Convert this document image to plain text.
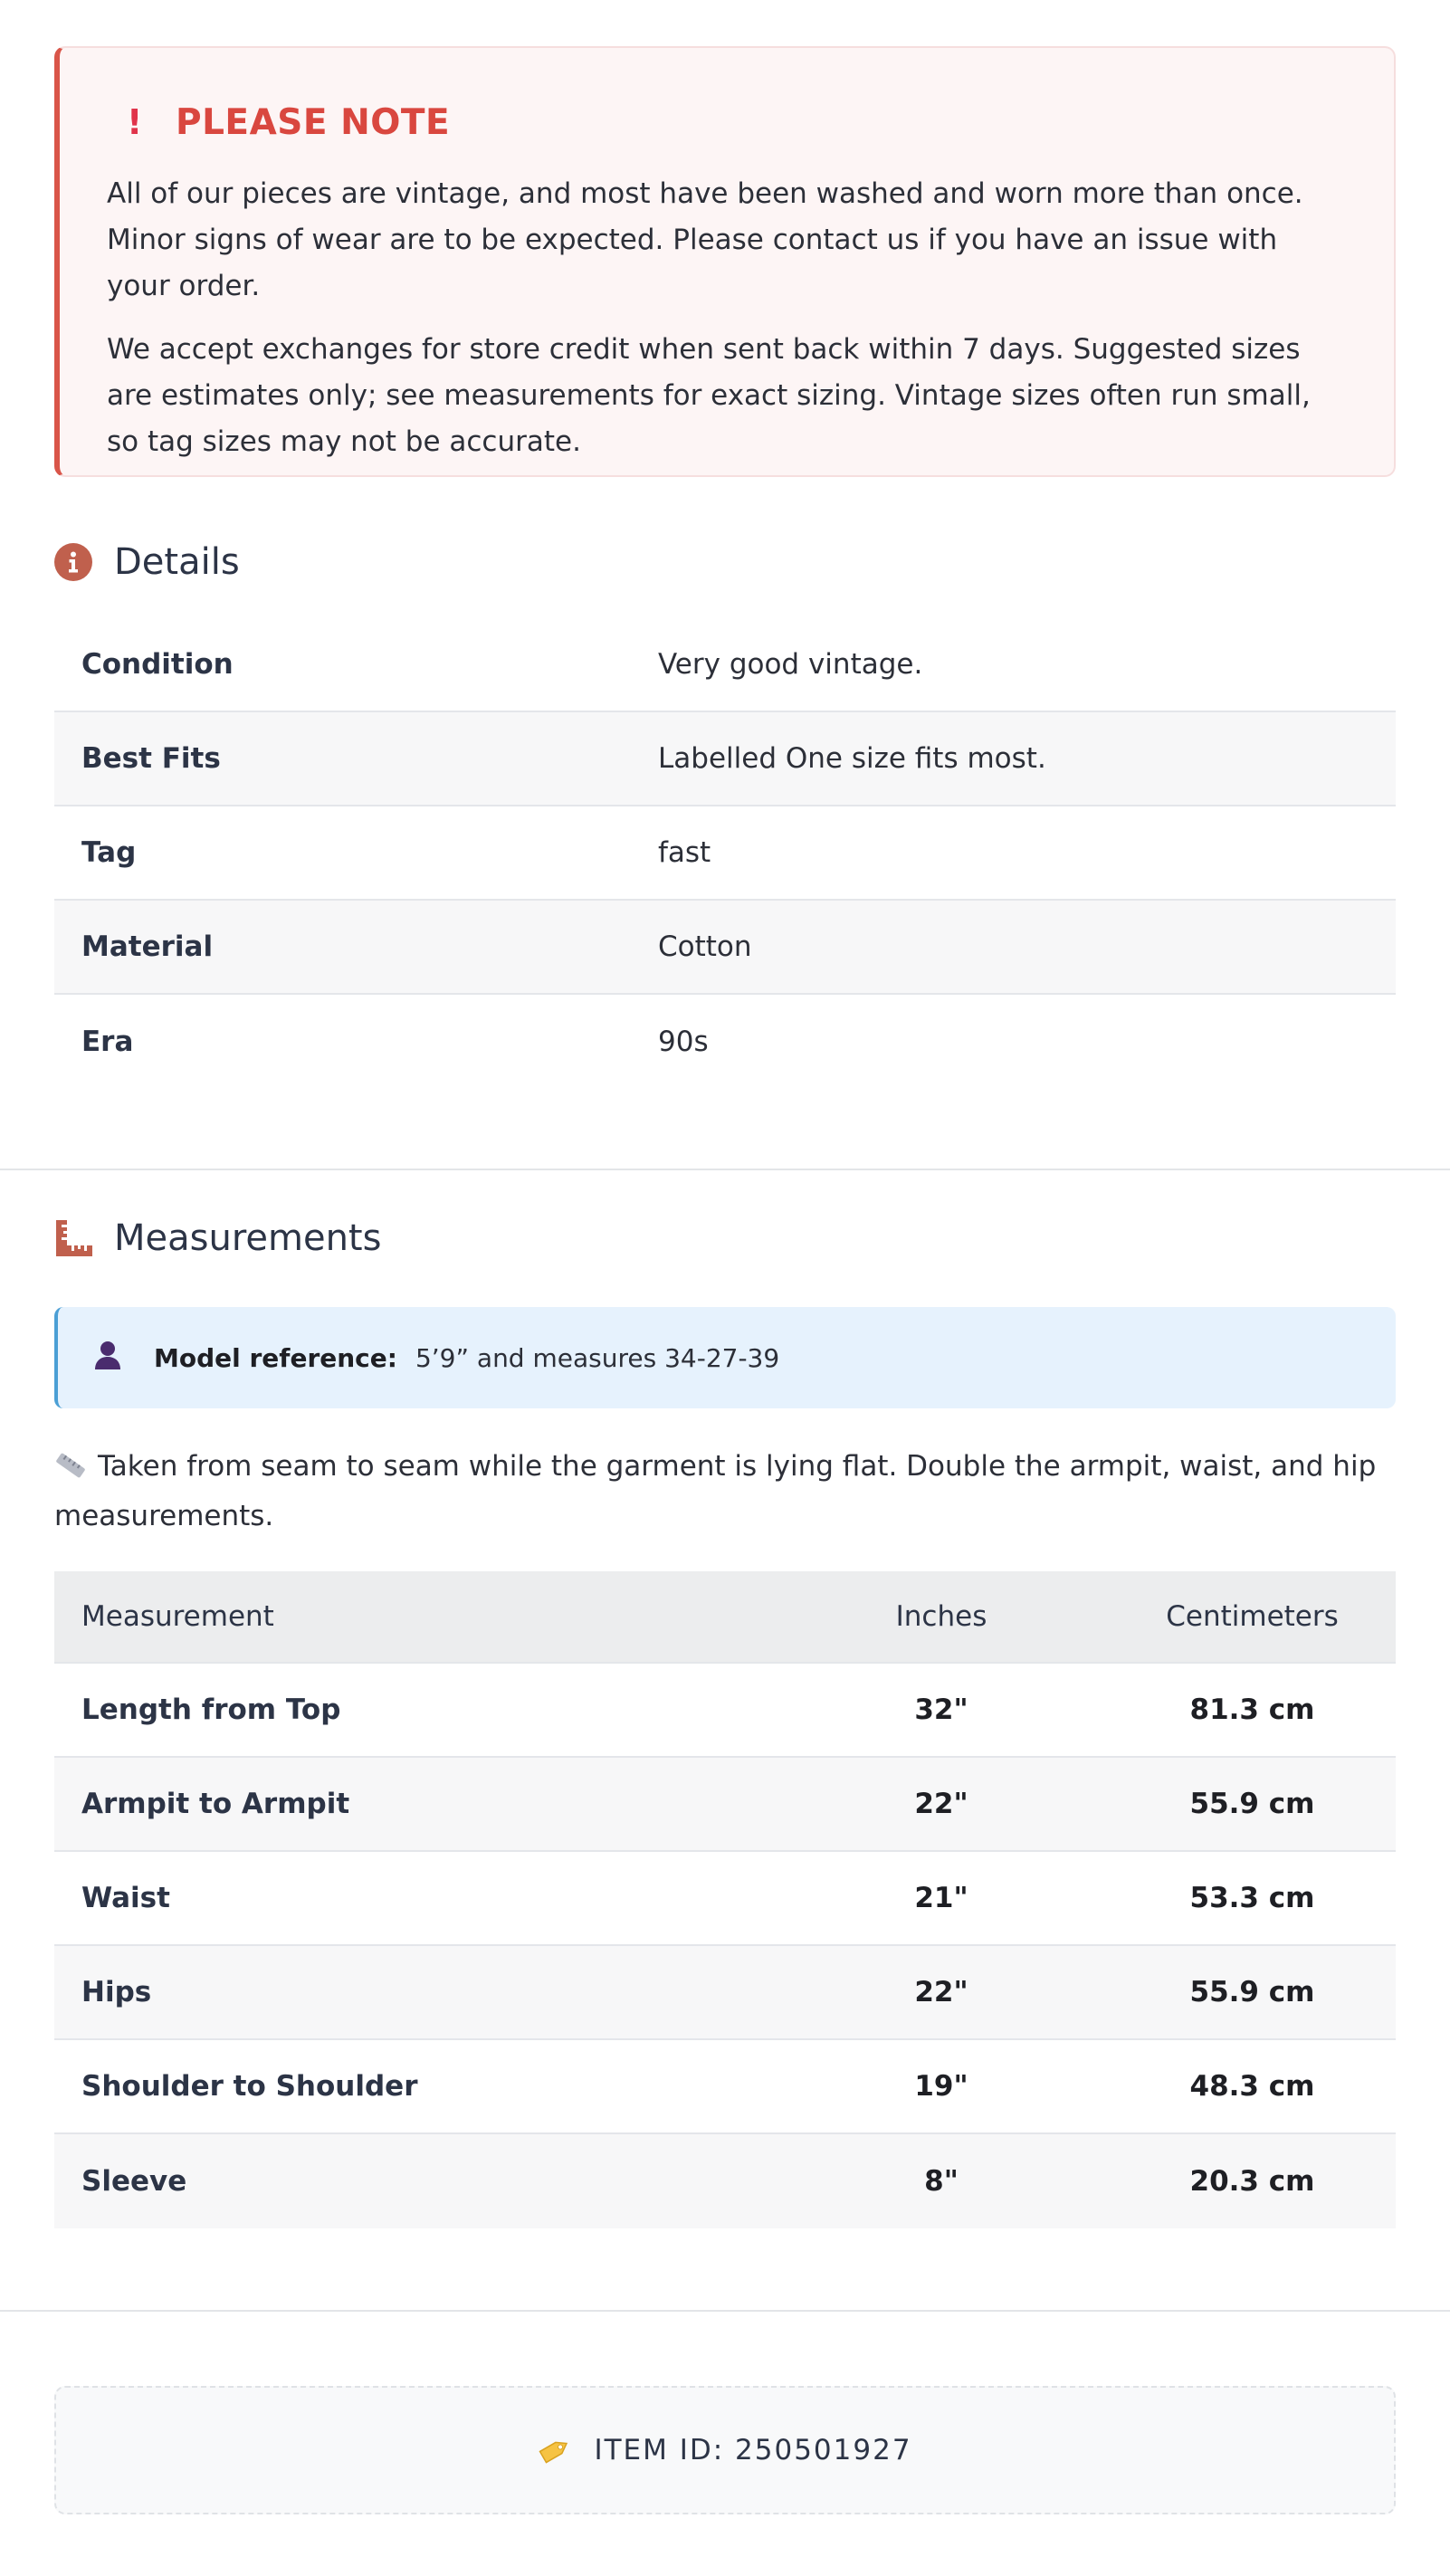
! PLEASE NOTE

All of our pieces are vintage, and most have been washed and worn more than once. Minor signs of wear are to be expected. Please contact us if you have an issue with your order.

We accept exchanges for store credit when sent back within 7 days. Suggested sizes are estimates only; see measurements for exact sizing. Vintage sizes often run small, so tag sizes may not be accurate.

Details
Condition	Very good vintage.
Best Fits	Labelled One size fits most.
Tag	fast
Material	Cotton
Era	90s
Measurements
Model reference: 5’9” and measures 34-27-39

Taken from seam to seam while the garment is lying flat. Double the armpit, waist, and hip measurements.

Measurement	Inches	Centimeters
Length from Top	32"	81.3 cm
Armpit to Armpit	22"	55.9 cm
Waist	21"	53.3 cm
Hips	22"	55.9 cm
Shoulder to Shoulder	19"	48.3 cm
Sleeve	8"	20.3 cm
ITEM ID: 250501927
